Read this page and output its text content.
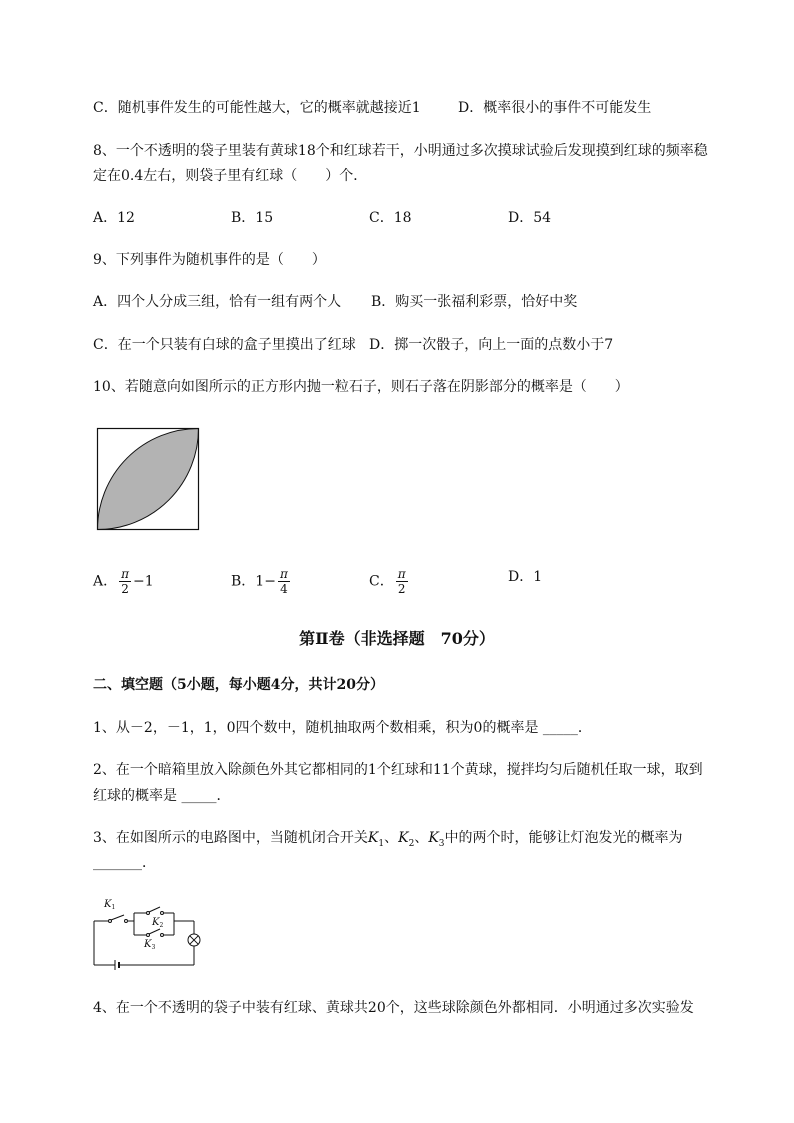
C．随机事件发生的可能性越大，它的概率就越接近1	D．概率很小的事件不可能发生
8、一个不透明的袋子里装有黄球18个和红球若干，小明通过多次摸球试验后发现摸到红球的频率稳
定在0.4左右，则袋子里有红球（　　）个．
A．12	B．15	C．18	D．54
9、下列事件为随机事件的是（　　）
A．四个人分成三组，恰有一组有两个人 B．购买一张福利彩票，恰好中奖
C．在一个只装有白球的盒子里摸出了红球 D．掷一次骰子，向上一面的点数小于7
10、若随意向如图所示的正方形内抛一粒石子，则石子落在阴影部分的概率是（　　）
A． $\frac{\pi}{2} -1$	B．$1- \frac{\pi}{4}$	C． $\frac{\pi}{2}$	D．1
第Ⅱ卷（非选择题　70分）
二、填空题（5小题，每小题4分，共计20分）
1、从－2，－1，1，0四个数中，随机抽取两个数相乘，积为0的概率是 _____．
2、在一个暗箱里放入除颜色外其它都相同的1个红球和11个黄球，搅拌均匀后随机任取一球，取到
红球的概率是 _____．
3、在如图所示的电路图中，当随机闭合开关$K_1$、$K_2$、$K_3$中的两个时，能够让灯泡发光的概率为
_______．
$K_1$
$K_2$
$K_3$
4、在一个不透明的袋子中装有红球、黄球共20个，这些球除颜色外都相同．小明通过多次实验发
